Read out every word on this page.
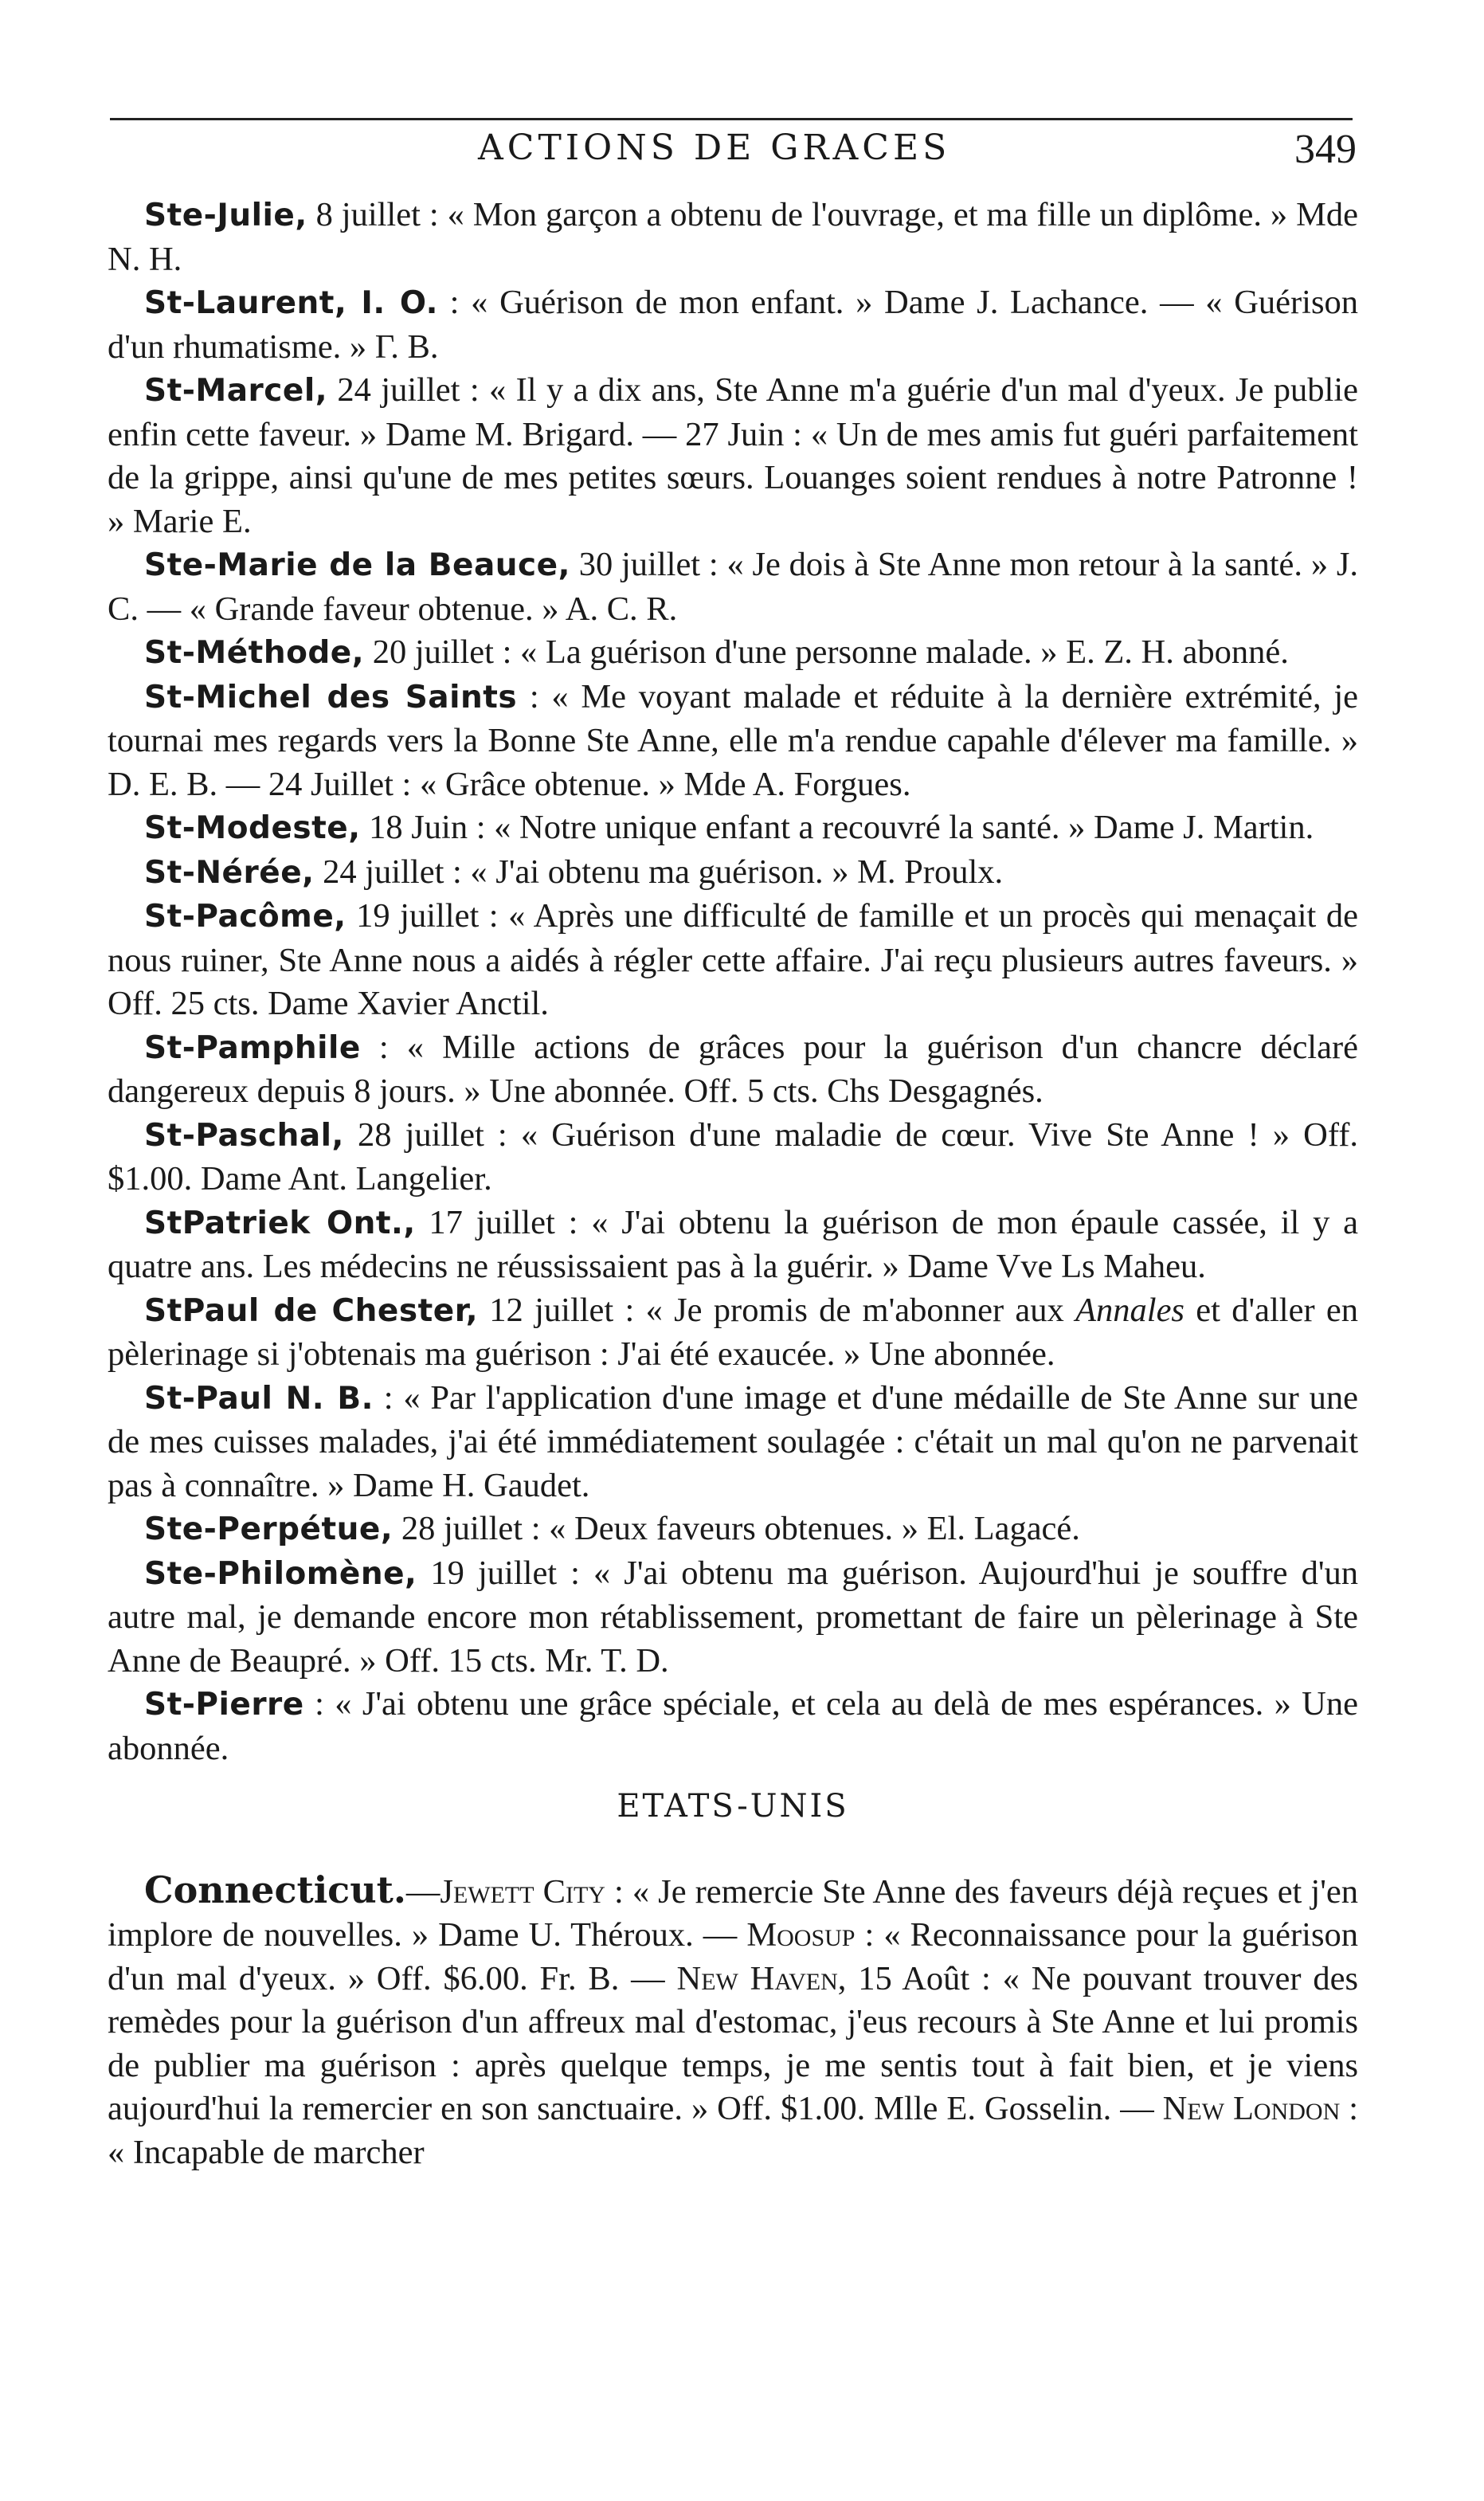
ACTIONS DE GRACES	349

Ste-Julie, 8 juillet : « Mon garçon a obtenu de l'ouvrage, et ma fille un diplôme. » Mde N. H.

St-Laurent, I. O. : « Guérison de mon enfant. » Dame J. Lachance. — « Guérison d'un rhumatisme. » Γ. B.

St-Marcel, 24 juillet : « Il y a dix ans, Ste Anne m'a guérie d'un mal d'yeux. Je publie enfin cette faveur. » Dame M. Brigard. — 27 Juin : « Un de mes amis fut guéri parfaitement de la grippe, ainsi qu'une de mes petites sœurs. Louanges soient rendues à notre Patronne ! » Marie E.

Ste-Marie de la Beauce, 30 juillet : « Je dois à Ste Anne mon retour à la santé. » J. C. — « Grande faveur obtenue. » A. C. R.

St-Méthode, 20 juillet : « La guérison d'une personne malade. » E. Z. H. abonné.

St-Michel des Saints : « Me voyant malade et réduite à la dernière extrémité, je tournai mes regards vers la Bonne Ste Anne, elle m'a rendue capahle d'élever ma famille. » D. E. B. — 24 Juillet : « Grâce obtenue. » Mde A. Forgues.

St-Modeste, 18 Juin : « Notre unique enfant a recouvré la santé. » Dame J. Martin.

St-Nérée, 24 juillet : « J'ai obtenu ma guérison. » M. Proulx.

St-Pacôme, 19 juillet : « Après une difficulté de famille et un procès qui menaçait de nous ruiner, Ste Anne nous a aidés à régler cette affaire. J'ai reçu plusieurs autres faveurs. » Off. 25 cts. Dame Xavier Anctil.

St-Pamphile : « Mille actions de grâces pour la guérison d'un chancre déclaré dangereux depuis 8 jours. » Une abonnée. Off. 5 cts. Chs Desgagnés.

St-Paschal, 28 juillet : « Guérison d'une maladie de cœur. Vive Ste Anne ! » Off. $1.00. Dame Ant. Langelier.

StPatriek Ont., 17 juillet : « J'ai obtenu la guérison de mon épaule cassée, il y a quatre ans. Les médecins ne réussissaient pas à la guérir. » Dame Vve Ls Maheu.

StPaul de Chester, 12 juillet : « Je promis de m'abonner aux Annales et d'aller en pèlerinage si j'obtenais ma guérison : J'ai été exaucée. » Une abonnée.

St-Paul N. B. : « Par l'application d'une image et d'une médaille de Ste Anne sur une de mes cuisses malades, j'ai été immédiatement soulagée : c'était un mal qu'on ne parvenait pas à connaître. » Dame H. Gaudet.

Ste-Perpétue, 28 juillet : « Deux faveurs obtenues. » El. Lagacé.

Ste-Philomène, 19 juillet : « J'ai obtenu ma guérison. Aujourd'hui je souffre d'un autre mal, je demande encore mon rétablissement, promettant de faire un pèlerinage à Ste Anne de Beaupré. » Off. 15 cts. Mr. T. D.

St-Pierre : « J'ai obtenu une grâce spéciale, et cela au delà de mes espérances. » Une abonnée.

ETATS-UNIS

Connecticut.—Jewett City : « Je remercie Ste Anne des faveurs déjà reçues et j'en implore de nouvelles. » Dame U. Théroux. — Moosup : « Reconnaissance pour la guérison d'un mal d'yeux. » Off. $6.00. Fr. B. — New Haven, 15 Août : « Ne pouvant trouver des remèdes pour la guérison d'un affreux mal d'estomac, j'eus recours à Ste Anne et lui promis de publier ma guérison : après quelque temps, je me sentis tout à fait bien, et je viens aujourd'hui la remercier en son sanctuaire. » Off. $1.00. Mlle E. Gosselin. — New London : « Incapable de marcher
